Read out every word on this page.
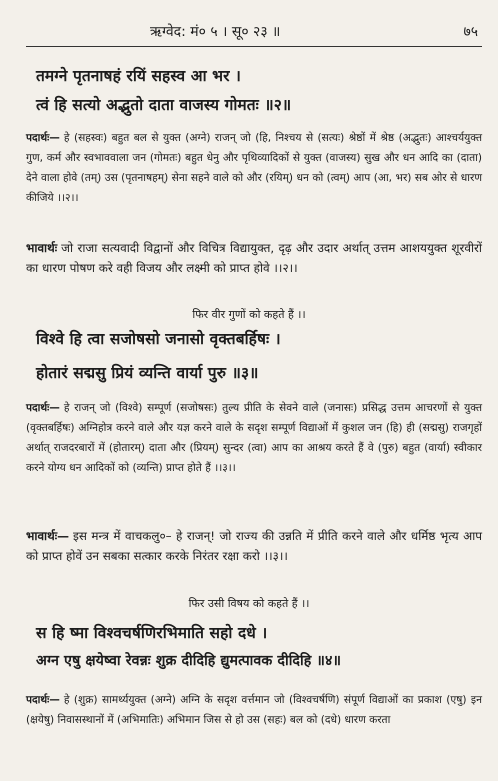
ऋग्वेद: मं० ५ । सू० २३ ॥	७५
तमग्ने पृतनाषहं रयिं सहस्व आ भर ।
त्वं हि सत्यो अद्भुतो दाता वाजस्य गोमतः ॥२॥
पदार्थः— हे (सहस्वः) बहुत बल से युक्त (अग्ने) राजन् जो (हि, निश्चय से (सत्यः) श्रेष्ठों में श्रेष्ठ (अद्भुतः) आश्चर्ययुक्त गुण, कर्म और स्वभाववाला जन (गोमतः) बहुत धेनु और पृथिव्यादिकों से युक्त (वाजस्य) सुख और धन आदि का (दाता) देने वाला होवे (तम्) उस (पृतनाषहम्) सेना सहने वाले को और (रयिम्) धन को (त्वम्) आप (आ, भर) सब ओर से धारण कीजिये ।।२।।
भावार्थः जो राजा सत्यवादी विद्वानों और विचित्र विद्यायुक्त, दृढ़ और उदार अर्थात् उत्तम आशययुक्त शूरवीरों का धारण पोषण करे वही विजय और लक्ष्मी को प्राप्त होवे ।।२।।
फिर वीर गुणों को कहते हैं ।।
विश्वे हि त्वा सजोषसो जनासो वृक्तबर्हिषः ।
होतारं सद्मसु प्रियं व्यन्ति वार्या पुरु ॥३॥
पदार्थः— हे राजन् जो (विश्वे) सम्पूर्ण (सजोषसः) तुल्य प्रीति के सेवने वाले (जनासः) प्रसिद्ध उत्तम आचरणों से युक्त (वृक्तबर्हिषः) अग्निहोत्र करने वाले और यज्ञ करने वाले के सदृश सम्पूर्ण विद्याओं में कुशल जन (हि) ही (सद्मसु) राजगृहों अर्थात् राजदरबारों में (होतारम्) दाता और (प्रियम्) सुन्दर (त्वा) आप का आश्रय करते हैं वे (पुरु) बहुत (वार्या) स्वीकार करने योग्य धन आदिकों को (व्यन्ति) प्राप्त होते हैं ।।३।।
भावार्थः— इस मन्त्र में वाचकलु०– हे राजन्! जो राज्य की उन्नति में प्रीति करने वाले और धर्मिष्ठ भृत्य आप को प्राप्त होवें उन सबका सत्कार करके निरंतर रक्षा करो ।।३।।
फिर उसी विषय को कहते हैं ।।
स हि ष्मा विश्वचर्षणिरभिमाति सहो दधे ।
अग्न एषु क्षयेष्वा रेवन्नः शुक्र दीदिहि द्युमत्पावक दीदिहि ॥४॥
पदार्थः— हे (शुक्र) सामर्थ्ययुक्त (अग्ने) अग्नि के सदृश वर्त्तमान जो (विश्वचर्षणि) संपूर्ण विद्याओं का प्रकाश (एषु) इन (क्षयेषु) निवासस्थानों में (अभिमातिः) अभिमान जिस से हो उस (सहः) बल को (दधे) धारण करता
